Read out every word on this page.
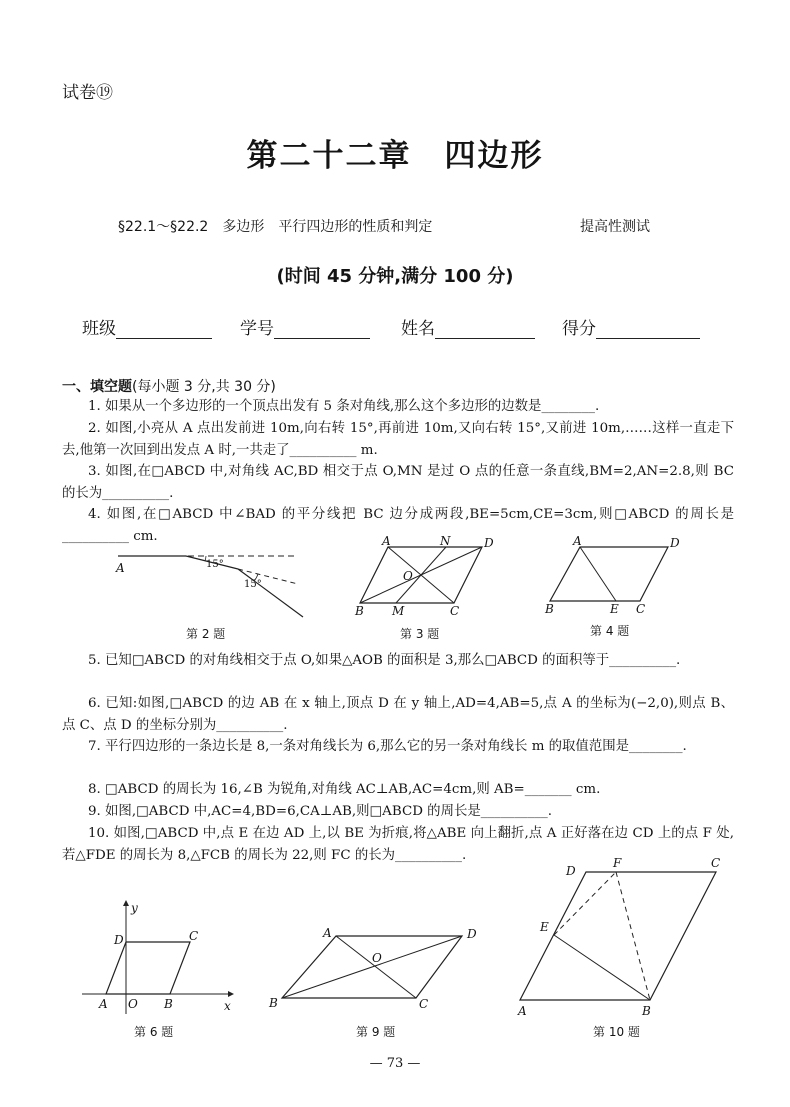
试卷⑲
第二十二章　四边形
§22.1～§22.2　多边形　平行四边形的性质和判定	提高性测试
(时间 45 分钟,满分 100 分)
班级	学号	姓名	得分
一、填空题(每小题 3 分,共 30 分)
1. 如果从一个多边形的一个顶点出发有 5 条对角线,那么这个多边形的边数是________.
2. 如图,小亮从 A 点出发前进 10m,向右转 15°,再前进 10m,又向右转 15°,又前进 10m,……这样一直走下去,他第一次回到出发点 A 时,一共走了__________ m.
3. 如图,在□ABCD 中,对角线 AC,BD 相交于点 O,MN 是过 O 点的任意一条直线,BM=2,AN=2.8,则 BC 的长为__________.
4. 如图,在□ABCD 中∠BAD 的平分线把 BC 边分成两段,BE=5cm,CE=3cm,则□ABCD 的周长是__________ cm.
A	15°
15°
第 2 题
A	N	D
O
B M	C
第 3 题
A	D
B	E C
第 4 题
5. 已知□ABCD 的对角线相交于点 O,如果△AOB 的面积是 3,那么□ABCD 的面积等于__________.
6. 已知:如图,□ABCD 的边 AB 在 x 轴上,顶点 D 在 y 轴上,AD=4,AB=5,点 A 的坐标为(−2,0),则点 B、点 C、点 D 的坐标分别为__________.
7. 平行四边形的一条边长是 8,一条对角线长为 6,那么它的另一条对角线长 m 的取值范围是________.
8. □ABCD 的周长为 16,∠B 为锐角,对角线 AC⊥AB,AC=4cm,则 AB=_______ cm.
9. 如图,□ABCD 中,AC=4,BD=6,CA⊥AB,则□ABCD 的周长是__________.
10. 如图,□ABCD 中,点 E 在边 AD 上,以 BE 为折痕,将△ABE 向上翻折,点 A 正好落在边 CD 上的点 F 处,若△FDE 的周长为 8,△FCB 的周长为 22,则 FC 的长为__________.
y
x
D	C
A O B
第 6 题
A	D
O
B	C
第 9 题
D
F	C
E
A	B
第 10 题
— 73 —
